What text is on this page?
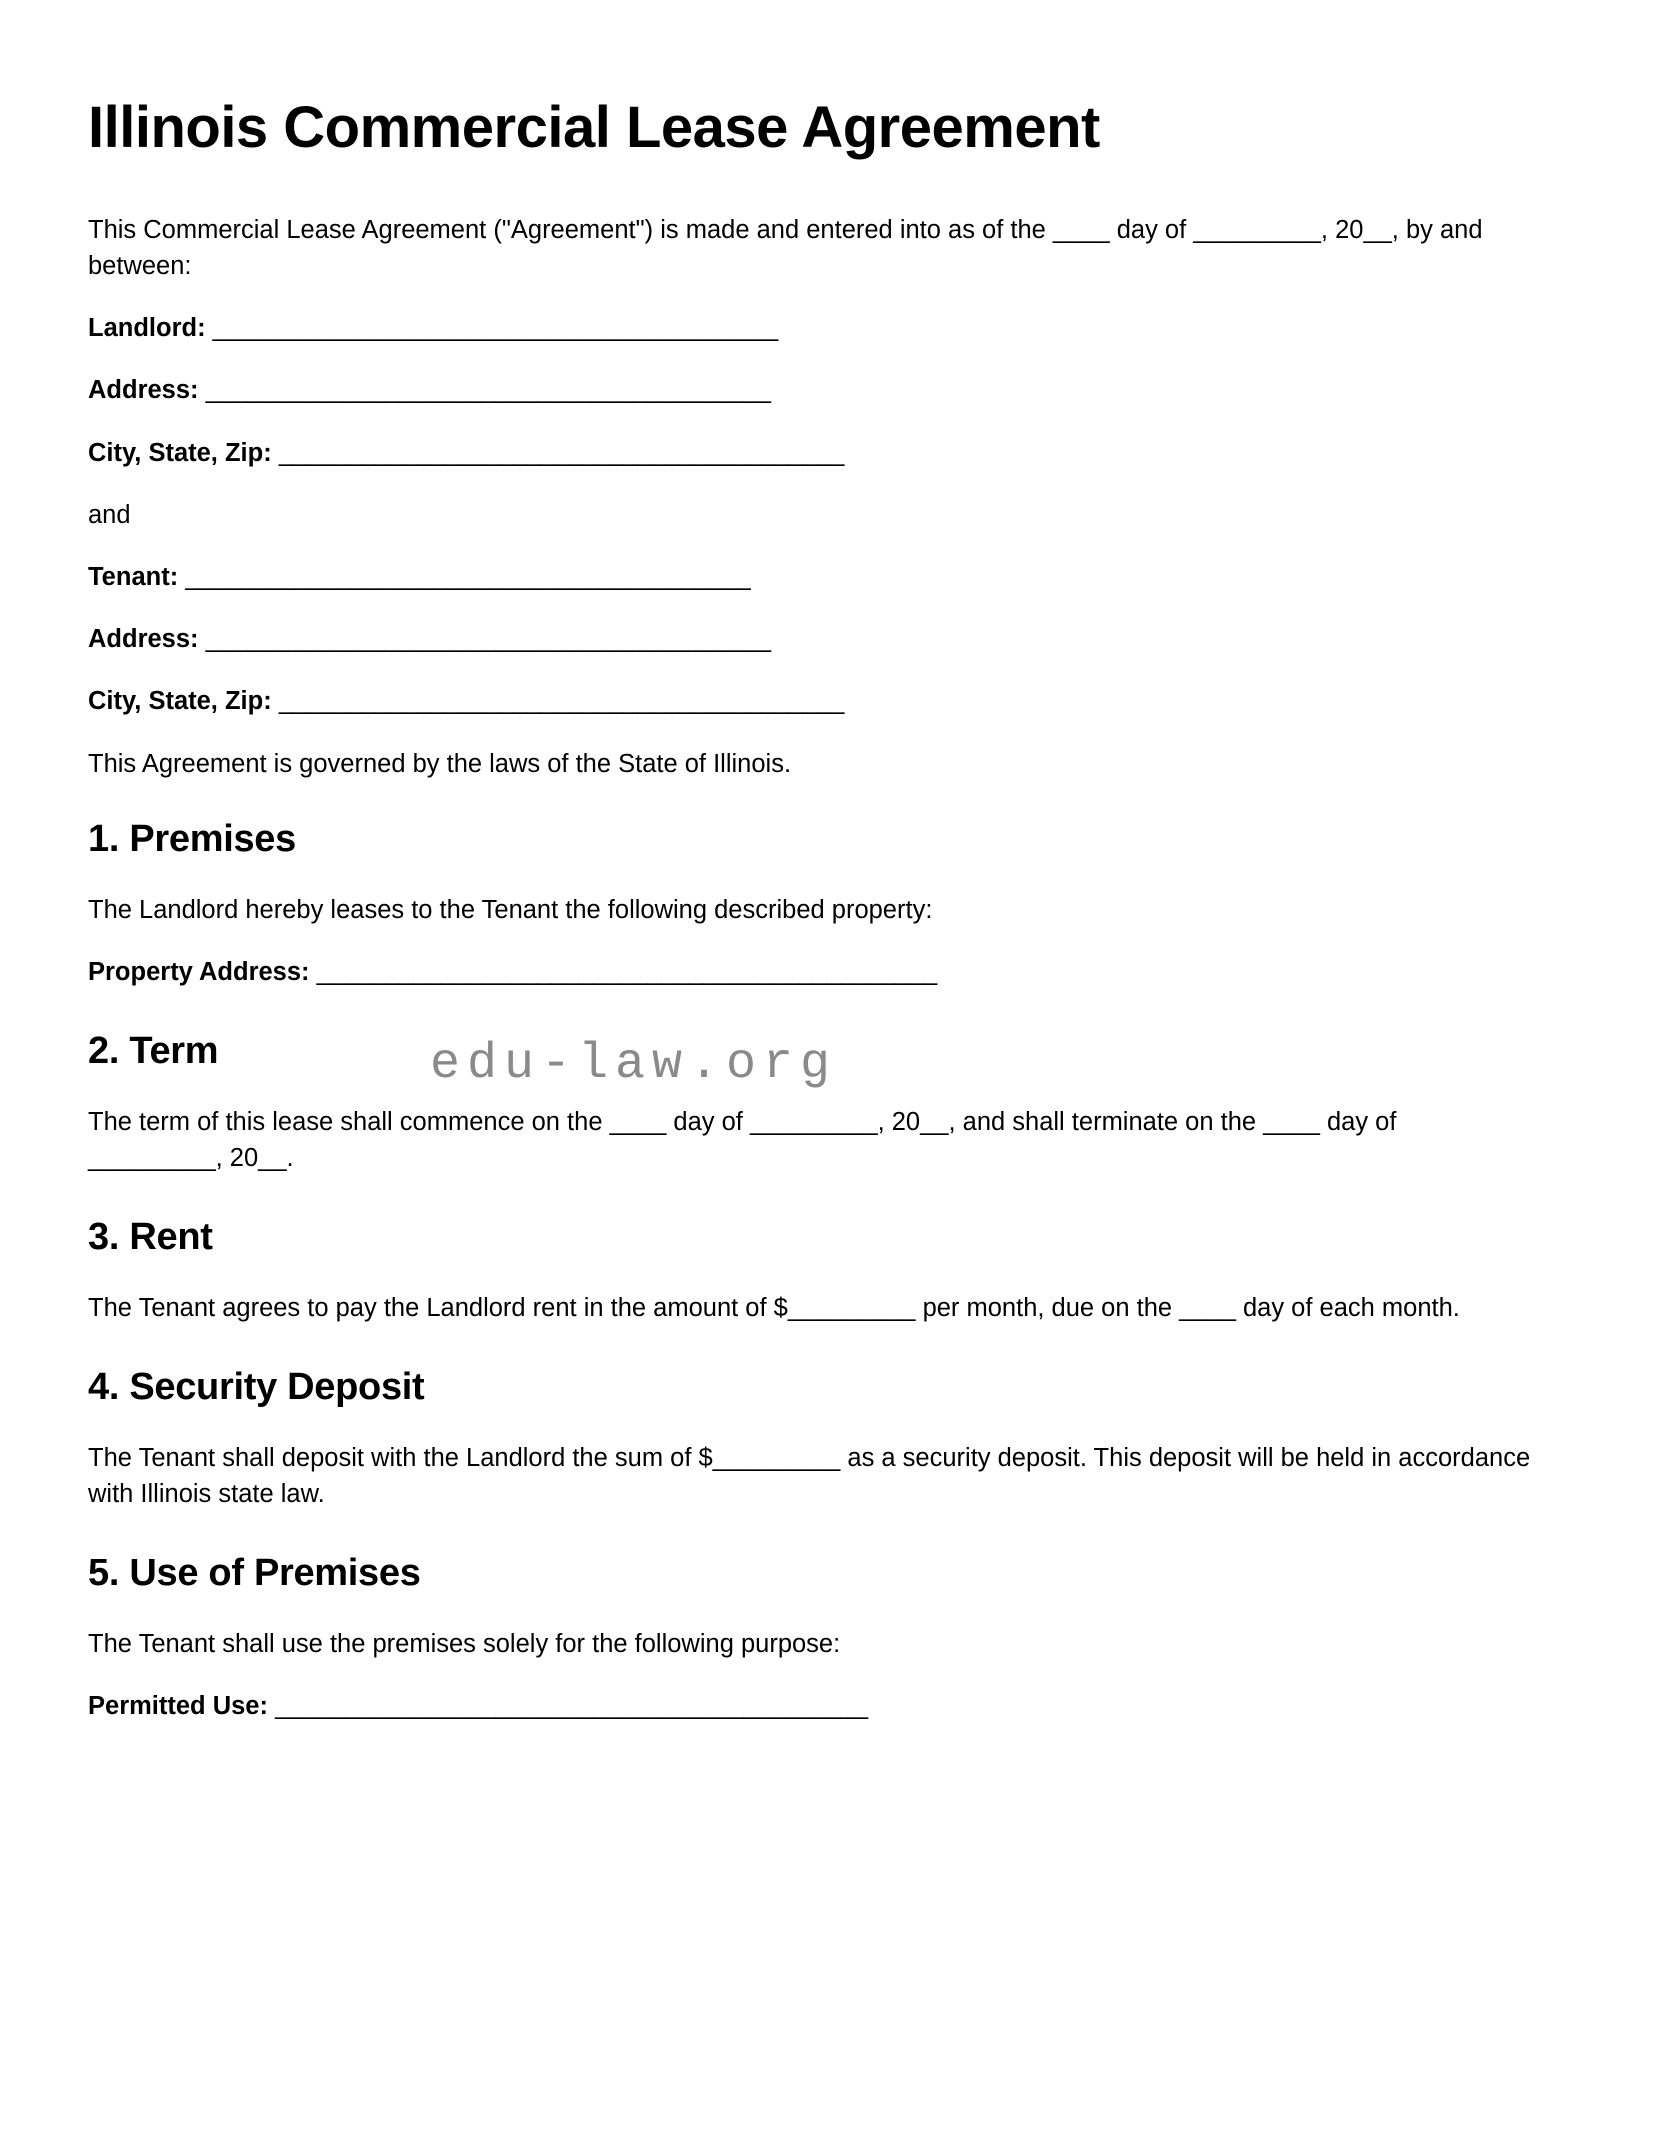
edu-law.org
Illinois Commercial Lease Agreement

This Commercial Lease Agreement ("Agreement") is made and entered into as of the ____ day of _________, 20__, by and between:

Landlord: _________________________________________
Address: _________________________________________
City, State, Zip: _________________________________________

and

Tenant: _________________________________________
Address: _________________________________________
City, State, Zip: _________________________________________

This Agreement is governed by the laws of the State of Illinois.

1. Premises

The Landlord hereby leases to the Tenant the following described property:

Property Address: _____________________________________________
2. Term

The term of this lease shall commence on the ____ day of _________, 20__, and shall terminate on the ____ day of _________, 20__.

3. Rent

The Tenant agrees to pay the Landlord rent in the amount of $_________ per month, due on the ____ day of each month.

4. Security Deposit

The Tenant shall deposit with the Landlord the sum of $_________ as a security deposit. This deposit will be held in accordance with Illinois state law.

5. Use of Premises

The Tenant shall use the premises solely for the following purpose:

Permitted Use: ___________________________________________
